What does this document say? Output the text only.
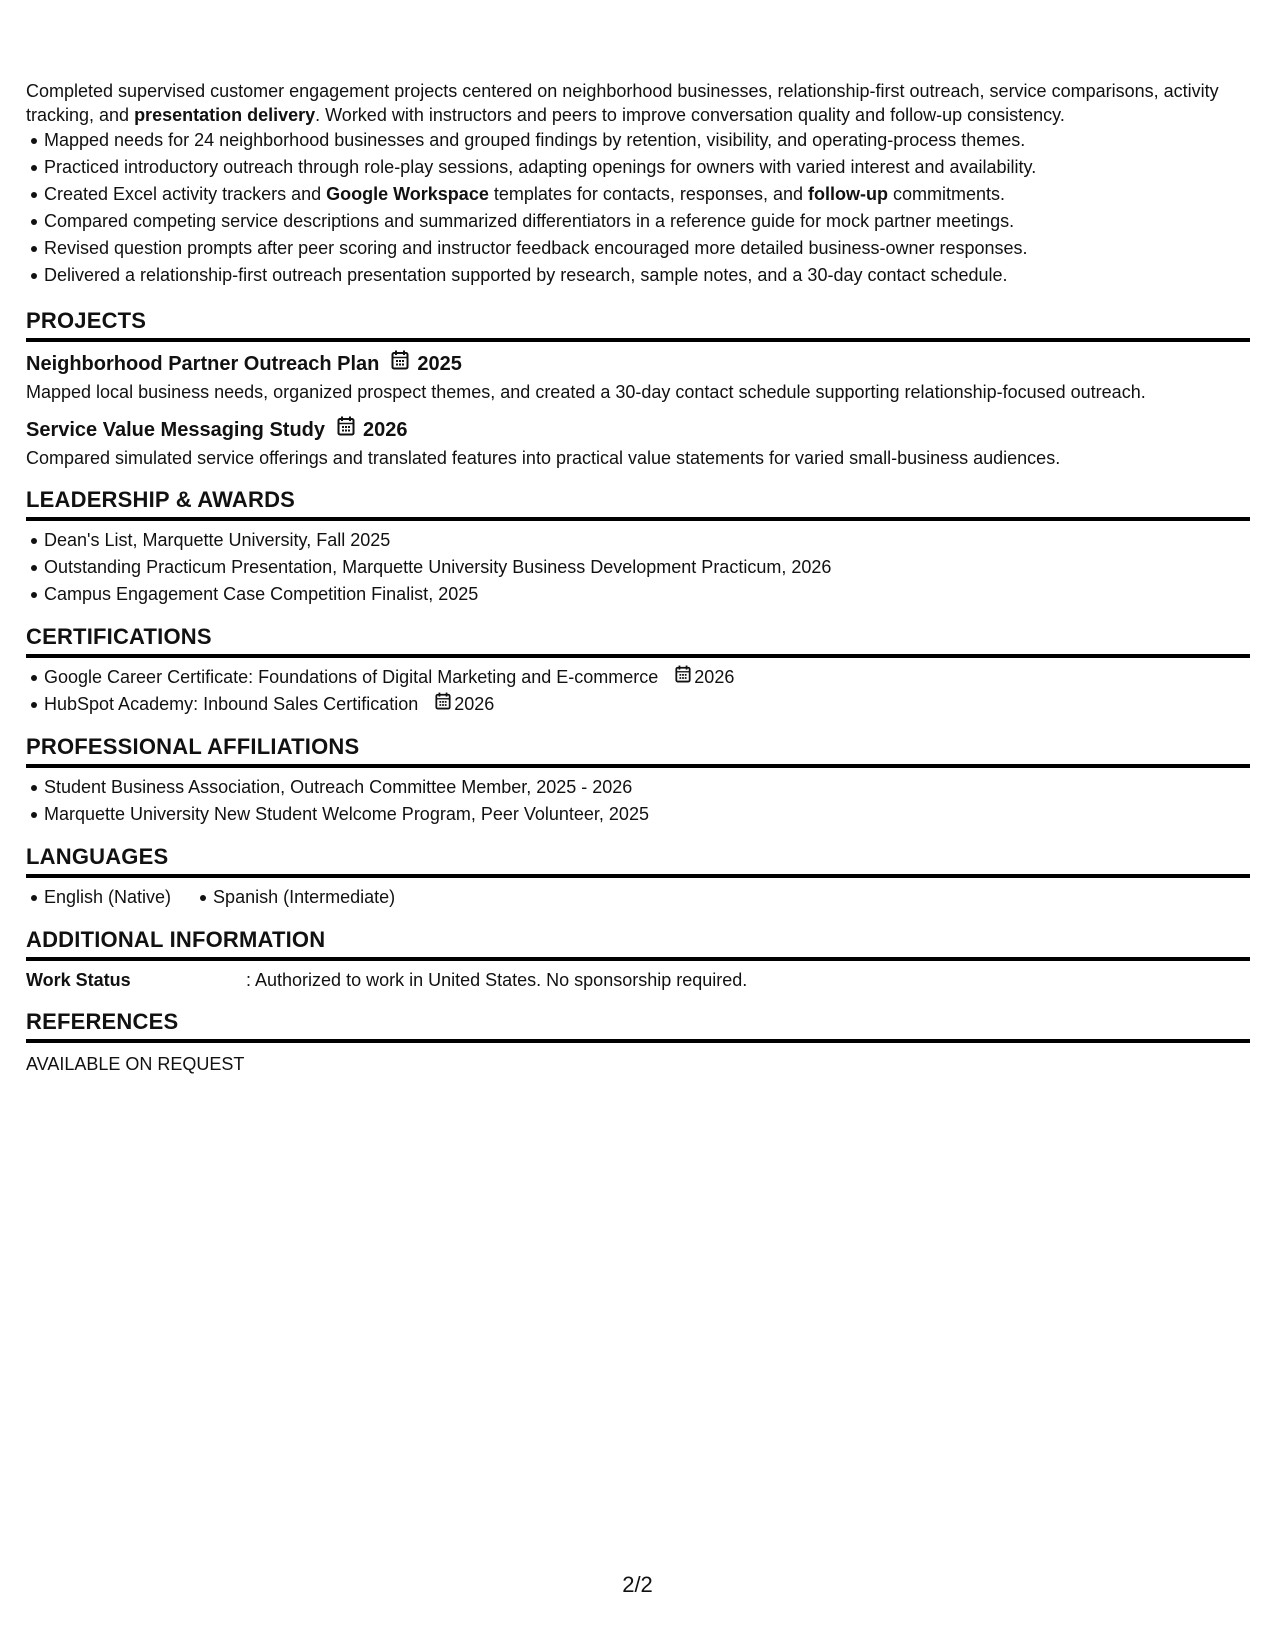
Completed supervised customer engagement projects centered on neighborhood businesses, relationship-first outreach, service comparisons, activity tracking, and presentation delivery. Worked with instructors and peers to improve conversation quality and follow-up consistency.

Mapped needs for 24 neighborhood businesses and grouped findings by retention, visibility, and operating-process themes.
Practiced introductory outreach through role-play sessions, adapting openings for owners with varied interest and availability.
Created Excel activity trackers and Google Workspace templates for contacts, responses, and follow-up commitments.
Compared competing service descriptions and summarized differentiators in a reference guide for mock partner meetings.
Revised question prompts after peer scoring and instructor feedback encouraged more detailed business-owner responses.
Delivered a relationship-first outreach presentation supported by research, sample notes, and a 30-day contact schedule.
PROJECTS
Neighborhood Partner Outreach Plan 2025

Mapped local business needs, organized prospect themes, and created a 30-day contact schedule supporting relationship-focused outreach.

Service Value Messaging Study 2026

Compared simulated service offerings and translated features into practical value statements for varied small-business audiences.

LEADERSHIP & AWARDS
Dean's List, Marquette University, Fall 2025
Outstanding Practicum Presentation, Marquette University Business Development Practicum, 2026
Campus Engagement Case Competition Finalist, 2025
CERTIFICATIONS
Google Career Certificate: Foundations of Digital Marketing and E-commerce 2026
HubSpot Academy: Inbound Sales Certification 2026
PROFESSIONAL AFFILIATIONS
Student Business Association, Outreach Committee Member, 2025 - 2026
Marquette University New Student Welcome Program, Peer Volunteer, 2025
LANGUAGES
English (Native)	Spanish (Intermediate)
ADDITIONAL INFORMATION
Work Status	: Authorized to work in United States. No sponsorship required.
REFERENCES

AVAILABLE ON REQUEST

2/2
